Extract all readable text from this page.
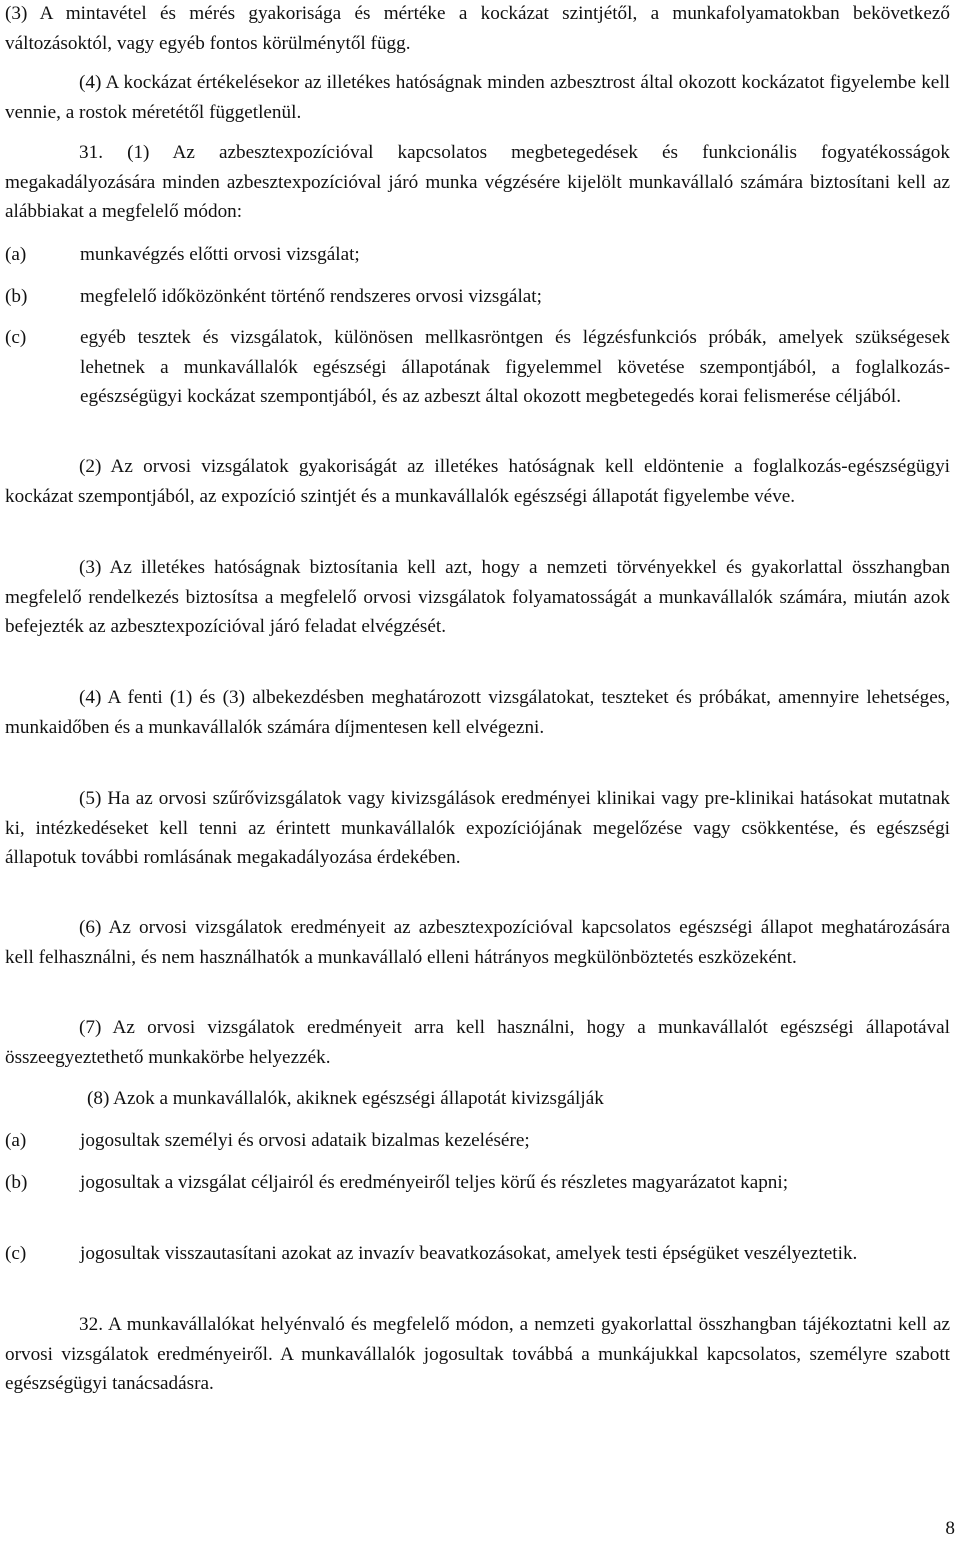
(3) A mintavétel és mérés gyakorisága és mértéke a kockázat szintjétől, a munkafolyamatokban bekövetkező változásoktól, vagy egyéb fontos körülménytől függ.

(4) A kockázat értékelésekor az illetékes hatóságnak minden azbesztrost által okozott kockázatot figyelembe kell vennie, a rostok méretétől függetlenül.

31. (1) Az azbesztexpozícióval kapcsolatos megbetegedések és funkcionális fogyatékosságok megakadályozására minden azbesztexpozícióval járó munka végzésére kijelölt munkavállaló számára biztosítani kell az alábbiakat a megfelelő módon:

(a)	munkavégzés előtti orvosi vizsgálat;

(b)	megfelelő időközönként történő rendszeres orvosi vizsgálat;

(c)	egyéb tesztek és vizsgálatok, különösen mellkasröntgen és légzésfunkciós próbák, amelyek szükségesek lehetnek a munkavállalók egészségi állapotának figyelemmel követése szempontjából, a foglalkozás-egészségügyi kockázat szempontjából, és az azbeszt által okozott megbetegedés korai felismerése céljából.

(2) Az orvosi vizsgálatok gyakoriságát az illetékes hatóságnak kell eldöntenie a foglalkozás-egészségügyi kockázat szempontjából, az expozíció szintjét és a munkavállalók egészségi állapotát figyelembe véve.

(3) Az illetékes hatóságnak biztosítania kell azt, hogy a nemzeti törvényekkel és gyakorlattal összhangban megfelelő rendelkezés biztosítsa a megfelelő orvosi vizsgálatok folyamatosságát a munkavállalók számára, miután azok befejezték az azbesztexpozícióval járó feladat elvégzését.

(4) A fenti (1) és (3) albekezdésben meghatározott vizsgálatokat, teszteket és próbákat, amennyire lehetséges, munkaidőben és a munkavállalók számára díjmentesen kell elvégezni.

(5) Ha az orvosi szűrővizsgálatok vagy kivizsgálások eredményei klinikai vagy pre-klinikai hatásokat mutatnak ki, intézkedéseket kell tenni az érintett munkavállalók expozíciójának megelőzése vagy csökkentése, és egészségi állapotuk további romlásának megakadályozása érdekében.

(6) Az orvosi vizsgálatok eredményeit az azbesztexpozícióval kapcsolatos egészségi állapot meghatározására kell felhasználni, és nem használhatók a munkavállaló elleni hátrányos megkülönböztetés eszközeként.

(7) Az orvosi vizsgálatok eredményeit arra kell használni, hogy a munkavállalót egészségi állapotával összeegyeztethető munkakörbe helyezzék.

(8) Azok a munkavállalók, akiknek egészségi állapotát kivizsgálják

(a)	jogosultak személyi és orvosi adataik bizalmas kezelésére;

(b)	jogosultak a vizsgálat céljairól és eredményeiről teljes körű és részletes magyarázatot kapni;

(c)	jogosultak visszautasítani azokat az invazív beavatkozásokat, amelyek testi épségüket veszélyeztetik.

32. A munkavállalókat helyénvaló és megfelelő módon, a nemzeti gyakorlattal összhangban tájékoztatni kell az orvosi vizsgálatok eredményeiről. A munkavállalók jogosultak továbbá a munkájukkal kapcsolatos, személyre szabott egészségügyi tanácsadásra.

8
